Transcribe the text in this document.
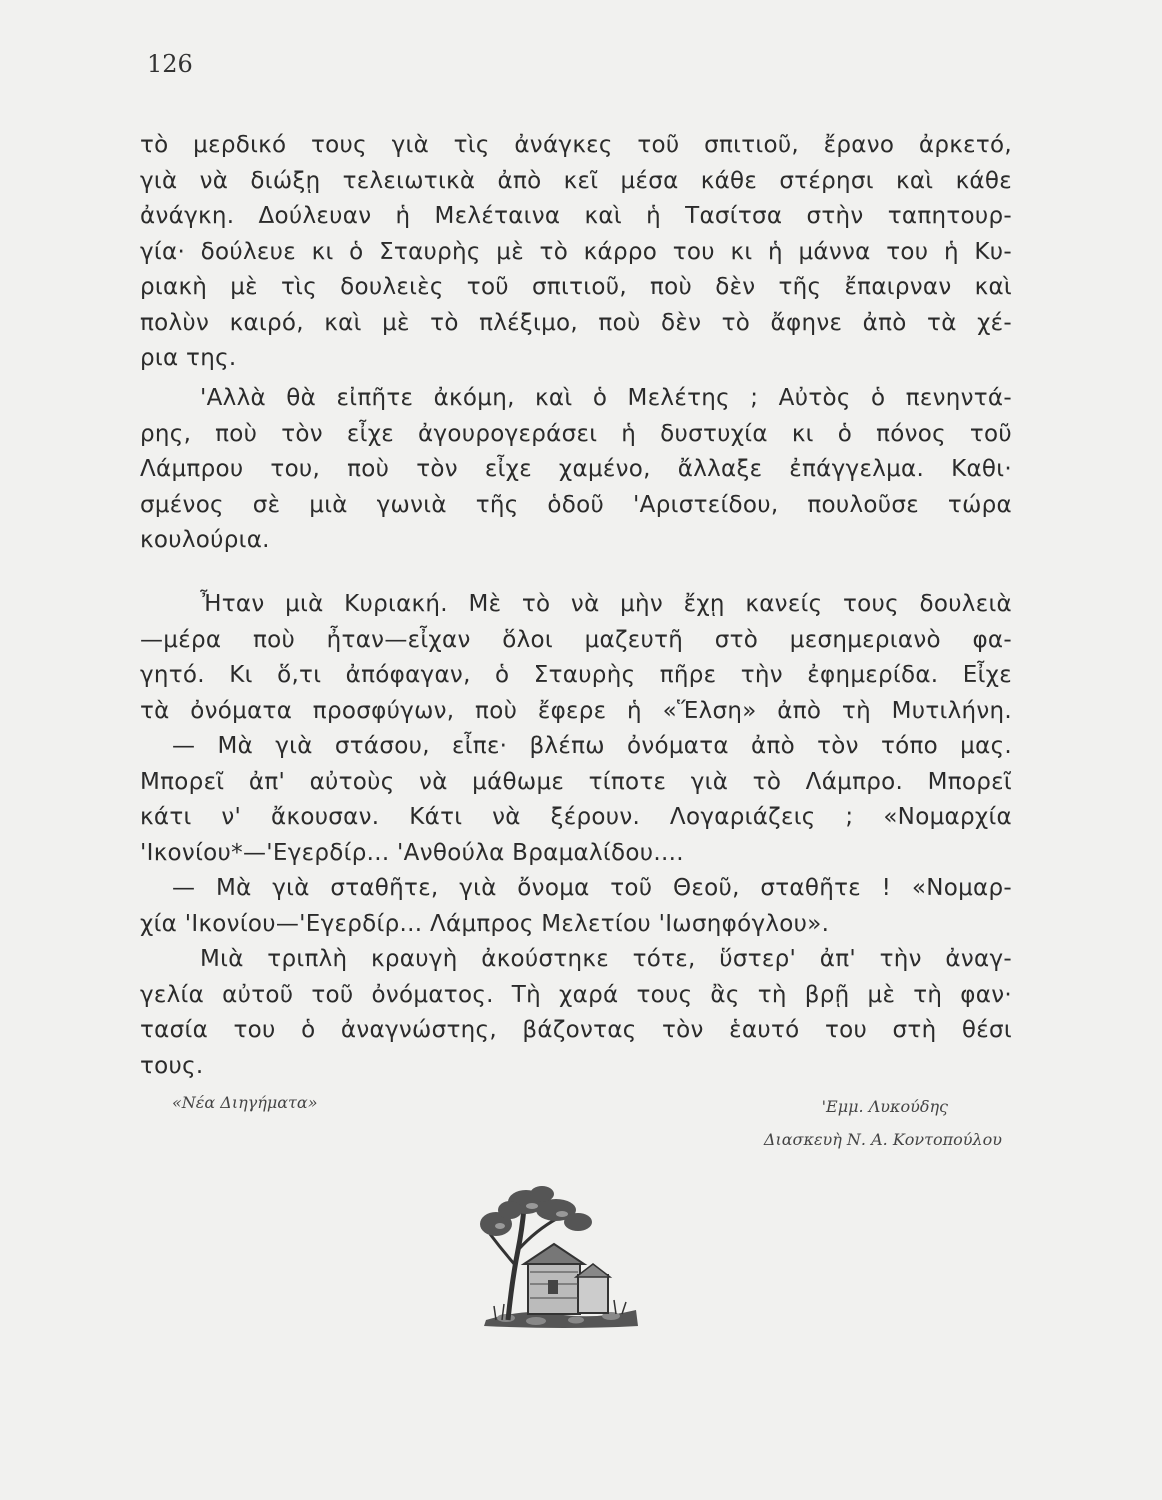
126
τὸ μερδικό τους γιὰ τὶς ἀνάγκες τοῦ σπιτιοῦ, ἔρανο ἀρκετό,
γιὰ νὰ διώξῃ τελειωτικὰ ἀπὸ κεῖ μέσα κάθε στέρησι καὶ κάθε
ἀνάγκη. Δούλευαν ἡ Μελέταινα καὶ ἡ Τασίτσα στὴν ταπητουρ-
γία· δούλευε κι ὁ Σταυρὴς μὲ τὸ κάρρο του κι ἡ μάννα του ἡ Κυ-
ριακὴ μὲ τὶς δουλειὲς τοῦ σπιτιοῦ, ποὺ δὲν τῆς ἔπαιρναν καὶ
πολὺν καιρό, καὶ μὲ τὸ πλέξιμο, ποὺ δὲν τὸ ἄφηνε ἀπὸ τὰ χέ-
ρια της.
'Αλλὰ θὰ εἰπῆτε ἀκόμη, καὶ ὁ Μελέτης ; Αὐτὸς ὁ πενηντά-
ρης, ποὺ τὸν εἶχε ἀγουρογεράσει ἡ δυστυχία κι ὁ πόνος τοῦ
Λάμπρου του, ποὺ τὸν εἶχε χαμένο, ἄλλαξε ἐπάγγελμα. Καθι·
σμένος σὲ μιὰ γωνιὰ τῆς ὁδοῦ 'Αριστείδου, πουλοῦσε τώρα
κουλούρια.
Ἦταν μιὰ Κυριακή. Μὲ τὸ νὰ μὴν ἔχῃ κανείς τους δουλειὰ
—μέρα ποὺ ἦταν—εἶχαν ὅλοι μαζευτῆ στὸ μεσημεριανὸ φα-
γητό. Κι ὅ,τι ἀπόφαγαν, ὁ Σταυρὴς πῆρε τὴν ἐφημερίδα. Εἶχε
τὰ ὀνόματα προσφύγων, ποὺ ἔφερε ἡ «Ἕλση» ἀπὸ τὴ Μυτιλήνη.
— Μὰ γιὰ στάσου, εἶπε· βλέπω ὀνόματα ἀπὸ τὸν τόπο μας.
Μπορεῖ ἀπ' αὐτοὺς νὰ μάθωμε τίποτε γιὰ τὸ Λάμπρο. Μπορεῖ
κάτι ν' ἄκουσαν. Κάτι νὰ ξέρουν. Λογαριάζεις ; «Νομαρχία
'Ικονίου*—'Εγερδίρ... 'Ανθούλα Βραμαλίδου....
— Μὰ γιὰ σταθῆτε, γιὰ ὄνομα τοῦ Θεοῦ, σταθῆτε ! «Νομαρ-
χία 'Ικονίου—'Εγερδίρ... Λάμπρος Μελετίου 'Ιωσηφόγλου».
Μιὰ τριπλὴ κραυγὴ ἀκούστηκε τότε, ὕστερ' ἀπ' τὴν ἀναγ-
γελία αὐτοῦ τοῦ ὀνόματος. Τὴ χαρά τους ἂς τὴ βρῇ μὲ τὴ φαν·
τασία του ὁ ἀναγνώστης, βάζοντας τὸν ἑαυτό του στὴ θέσι
τους.
«Νέα Διηγήματα»	'Εμμ. Λυκούδης
Διασκευὴ Ν. Α. Κοντοπούλου
